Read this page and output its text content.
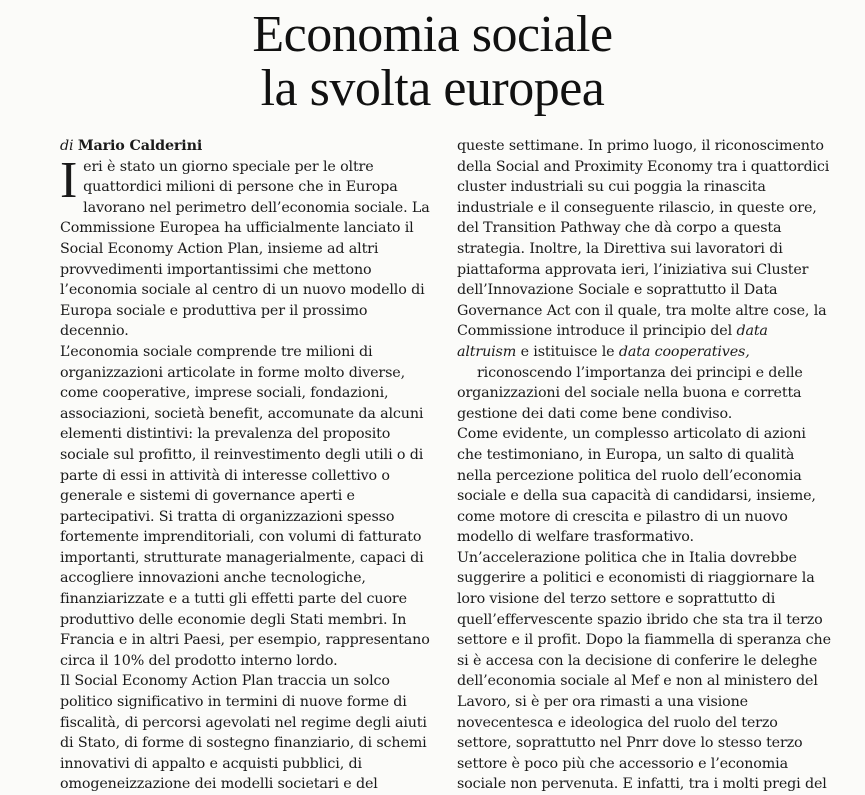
Economia sociale
la svolta europea
di Mario Calderini
I eri è stato un giorno speciale per le oltre
quattordici milioni di persone che in Europa
lavorano nel perimetro dell’economia sociale. La
Commissione Europea ha ufficialmente lanciato il
Social Economy Action Plan, insieme ad altri
provvedimenti importantissimi che mettono
l’economia sociale al centro di un nuovo modello di
Europa sociale e produttiva per il prossimo
decennio.
L’economia sociale comprende tre milioni di
organizzazioni articolate in forme molto diverse,
come cooperative, imprese sociali, fondazioni,
associazioni, società benefit, accomunate da alcuni
elementi distintivi: la prevalenza del proposito
sociale sul profitto, il reinvestimento degli utili o di
parte di essi in attività di interesse collettivo o
generale e sistemi di governance aperti e
partecipativi. Si tratta di organizzazioni spesso
fortemente imprenditoriali, con volumi di fatturato
importanti, strutturate managerialmente, capaci di
accogliere innovazioni anche tecnologiche,
finanziarizzate e a tutti gli effetti parte del cuore
produttivo delle economie degli Stati membri. In
Francia e in altri Paesi, per esempio, rappresentano
circa il 10% del prodotto interno lordo.
Il Social Economy Action Plan traccia un solco
politico significativo in termini di nuove forme di
fiscalità, di percorsi agevolati nel regime degli aiuti
di Stato, di forme di sostegno finanziario, di schemi
innovativi di appalto e acquisti pubblici, di
omogeneizzazione dei modelli societari e del
queste settimane. In primo luogo, il riconoscimento
della Social and Proximity Economy tra i quattordici
cluster industriali su cui poggia la rinascita
industriale e il conseguente rilascio, in queste ore,
del Transition Pathway che dà corpo a questa
strategia. Inoltre, la Direttiva sui lavoratori di
piattaforma approvata ieri, l’iniziativa sui Cluster
dell’Innovazione Sociale e soprattutto il Data
Governance Act con il quale, tra molte altre cose, la
Commissione introduce il principio del data
altruism e istituisce le data cooperatives,
riconoscendo l’importanza dei principi e delle
organizzazioni del sociale nella buona e corretta
gestione dei dati come bene condiviso.
Come evidente, un complesso articolato di azioni
che testimoniano, in Europa, un salto di qualità
nella percezione politica del ruolo dell’economia
sociale e della sua capacità di candidarsi, insieme,
come motore di crescita e pilastro di un nuovo
modello di welfare trasformativo.
Un’accelerazione politica che in Italia dovrebbe
suggerire a politici e economisti di riaggiornare la
loro visione del terzo settore e soprattutto di
quell’effervescente spazio ibrido che sta tra il terzo
settore e il profit. Dopo la fiammella di speranza che
si è accesa con la decisione di conferire le deleghe
dell’economia sociale al Mef e non al ministero del
Lavoro, si è per ora rimasti a una visione
novecentesca e ideologica del ruolo del terzo
settore, soprattutto nel Pnrr dove lo stesso terzo
settore è poco più che accessorio e l’economia
sociale non pervenuta. E infatti, tra i molti pregi del
